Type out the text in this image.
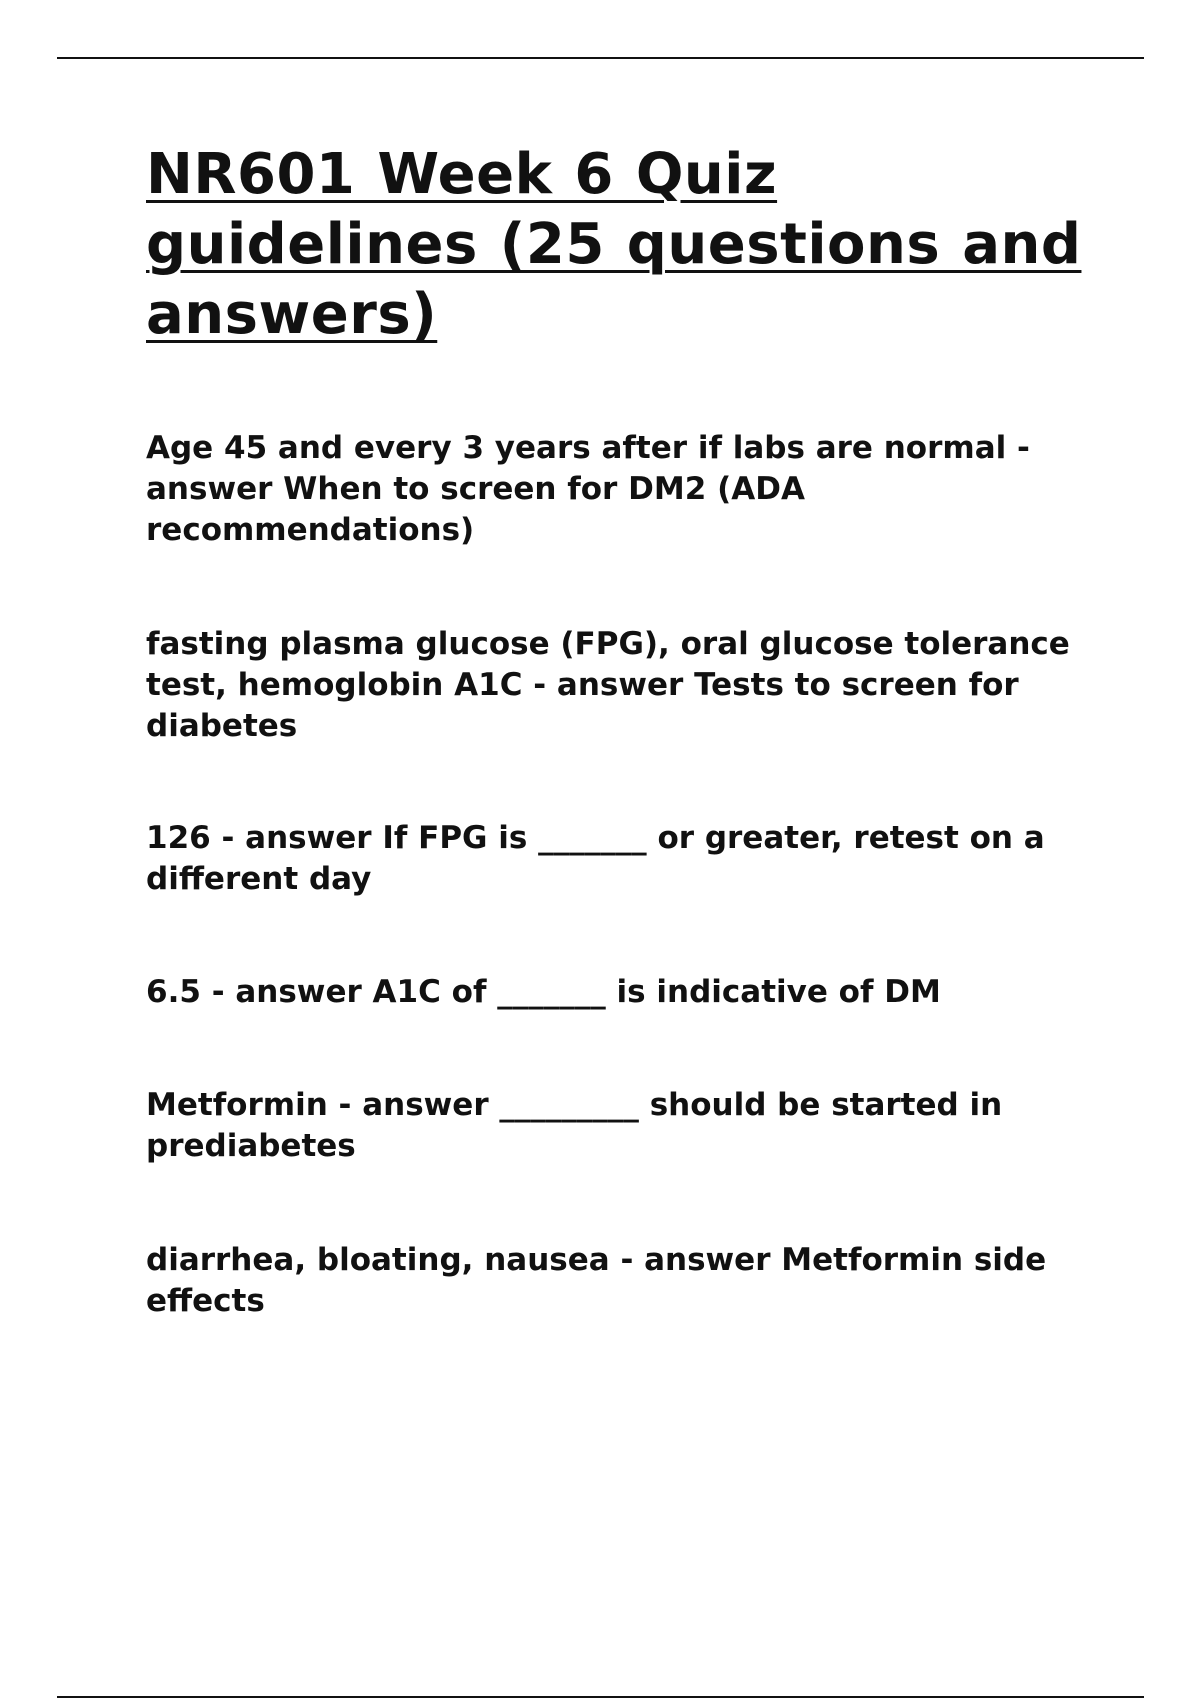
NR601 Week 6 Quiz guidelines (25 questions and answers)
Age 45 and every 3 years after if labs are normal - answer When to screen for DM2 (ADA recommendations)
fasting plasma glucose (FPG), oral glucose tolerance test, hemoglobin A1C - answer Tests to screen for diabetes
126 - answer If FPG is _______ or greater, retest on a different day
6.5 - answer A1C of _______ is indicative of DM
Metformin - answer _________ should be started in prediabetes
diarrhea, bloating, nausea - answer Metformin side effects
